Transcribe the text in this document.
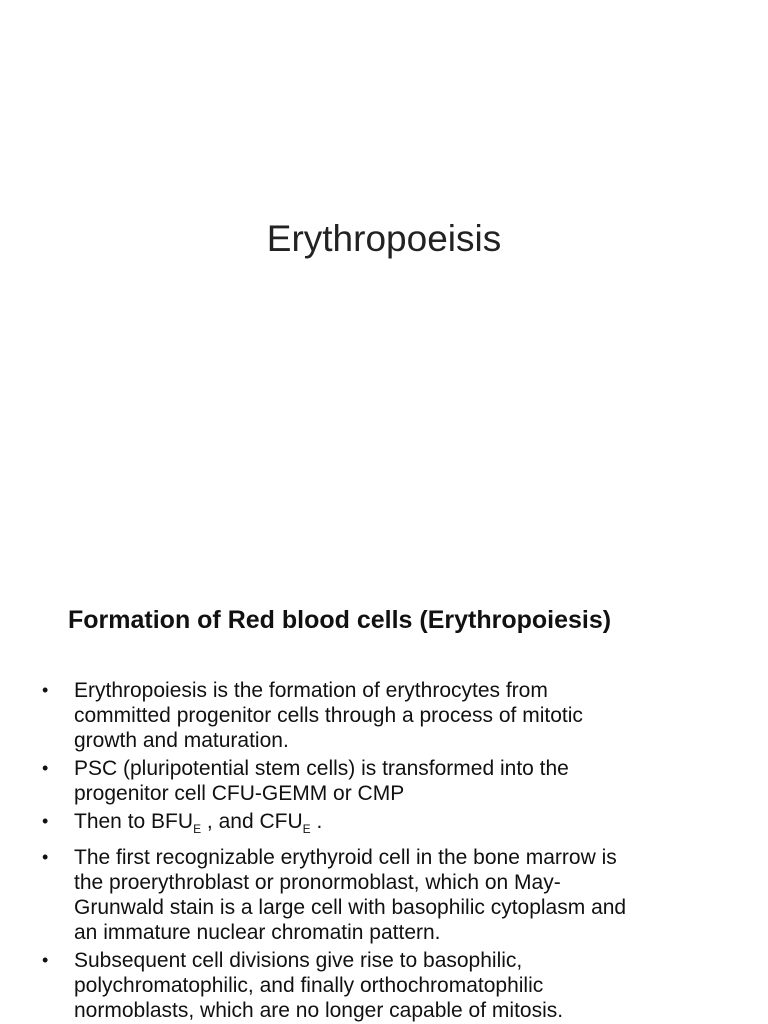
Erythropoeisis
Formation of Red blood cells (Erythropoiesis)
• Erythropoiesis is the formation of erythrocytes from
committed progenitor cells through a process of mitotic
growth and maturation.
• PSC (pluripotential stem cells) is transformed into the
progenitor cell CFU-GEMM or CMP
• Then to $BFU_E$ , and $CFU_E$ .
• The first recognizable erythyroid cell in the bone marrow is
the proerythroblast or pronormoblast, which on May-
Grunwald stain is a large cell with basophilic cytoplasm and
an immature nuclear chromatin pattern.
• Subsequent cell divisions give rise to basophilic,
polychromatophilic, and finally orthochromatophilic
normoblasts, which are no longer capable of mitosis.
